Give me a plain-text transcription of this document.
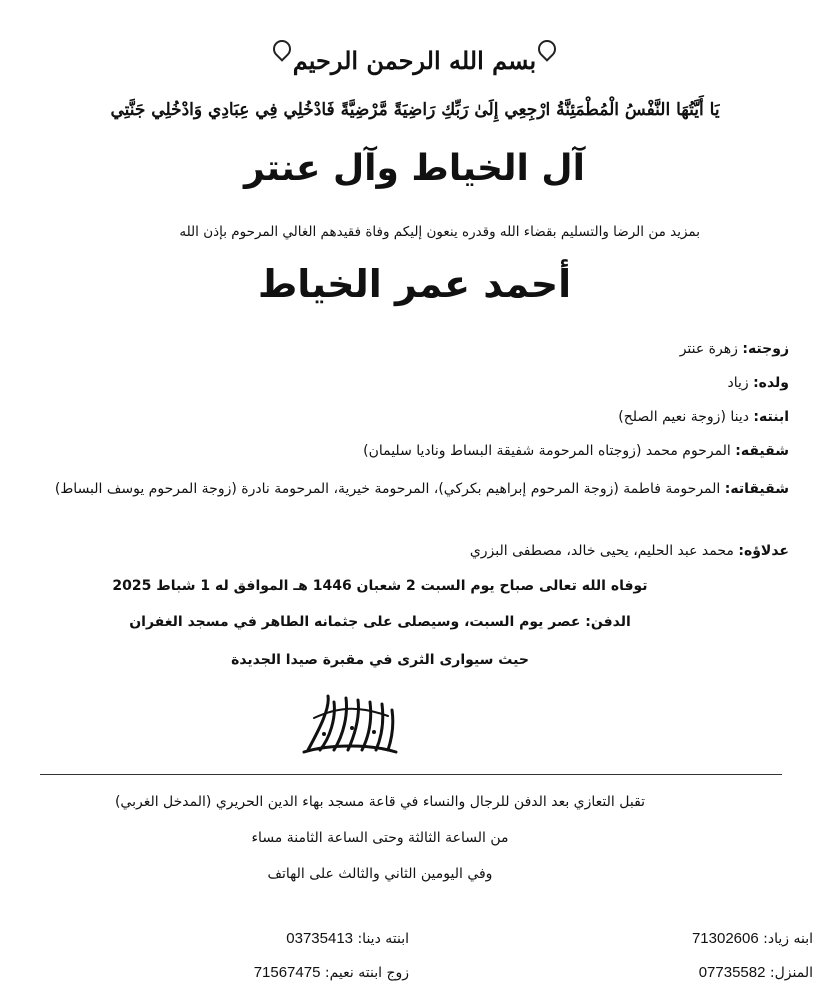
بسم الله الرحمن الرحيم
يَا أَيَّتُهَا النَّفْسُ الْمُطْمَئِنَّةُ ارْجِعِي إِلَىٰ رَبِّكِ رَاضِيَةً مَّرْضِيَّةً فَادْخُلِي فِي عِبَادِي وَادْخُلِي جَنَّتِي
آل الخياط وآل عنتر
بمزيد من الرضا والتسليم بقضاء الله وقدره ينعون إليكم وفاة فقيدهم الغالي المرحوم بإذن الله
أحمد عمر الخياط
زوجته: زهرة عنتر
ولده: زياد
ابنته: دينا (زوجة نعيم الصلح)
شقيقه: المرحوم محمد (زوجتاه المرحومة شفيقة البساط وناديا سليمان)
شقيقاته: المرحومة فاطمة (زوجة المرحوم إبراهيم بكركي)، المرحومة خيرية، المرحومة نادرة (زوجة المرحوم يوسف البساط)
عدلاؤه: محمد عبد الحليم، يحيى خالد، مصطفى البزري
توفاه الله تعالى صباح يوم السبت 2 شعبان 1446 هـ الموافق له 1 شباط 2025
الدفن: عصر يوم السبت، وسيصلى على جثمانه الطاهر في مسجد الغفران
حيث سيوارى الثرى في مقبرة صيدا الجديدة
تقبل التعازي بعد الدفن للرجال والنساء في قاعة مسجد بهاء الدين الحريري (المدخل الغربي)
من الساعة الثالثة وحتى الساعة الثامنة مساء
وفي اليومين الثاني والثالث على الهاتف
ابنه زياد: 71302606
المنزل: 07735582
ابنته دينا: 03735413
زوج ابنته نعيم: 71567475
